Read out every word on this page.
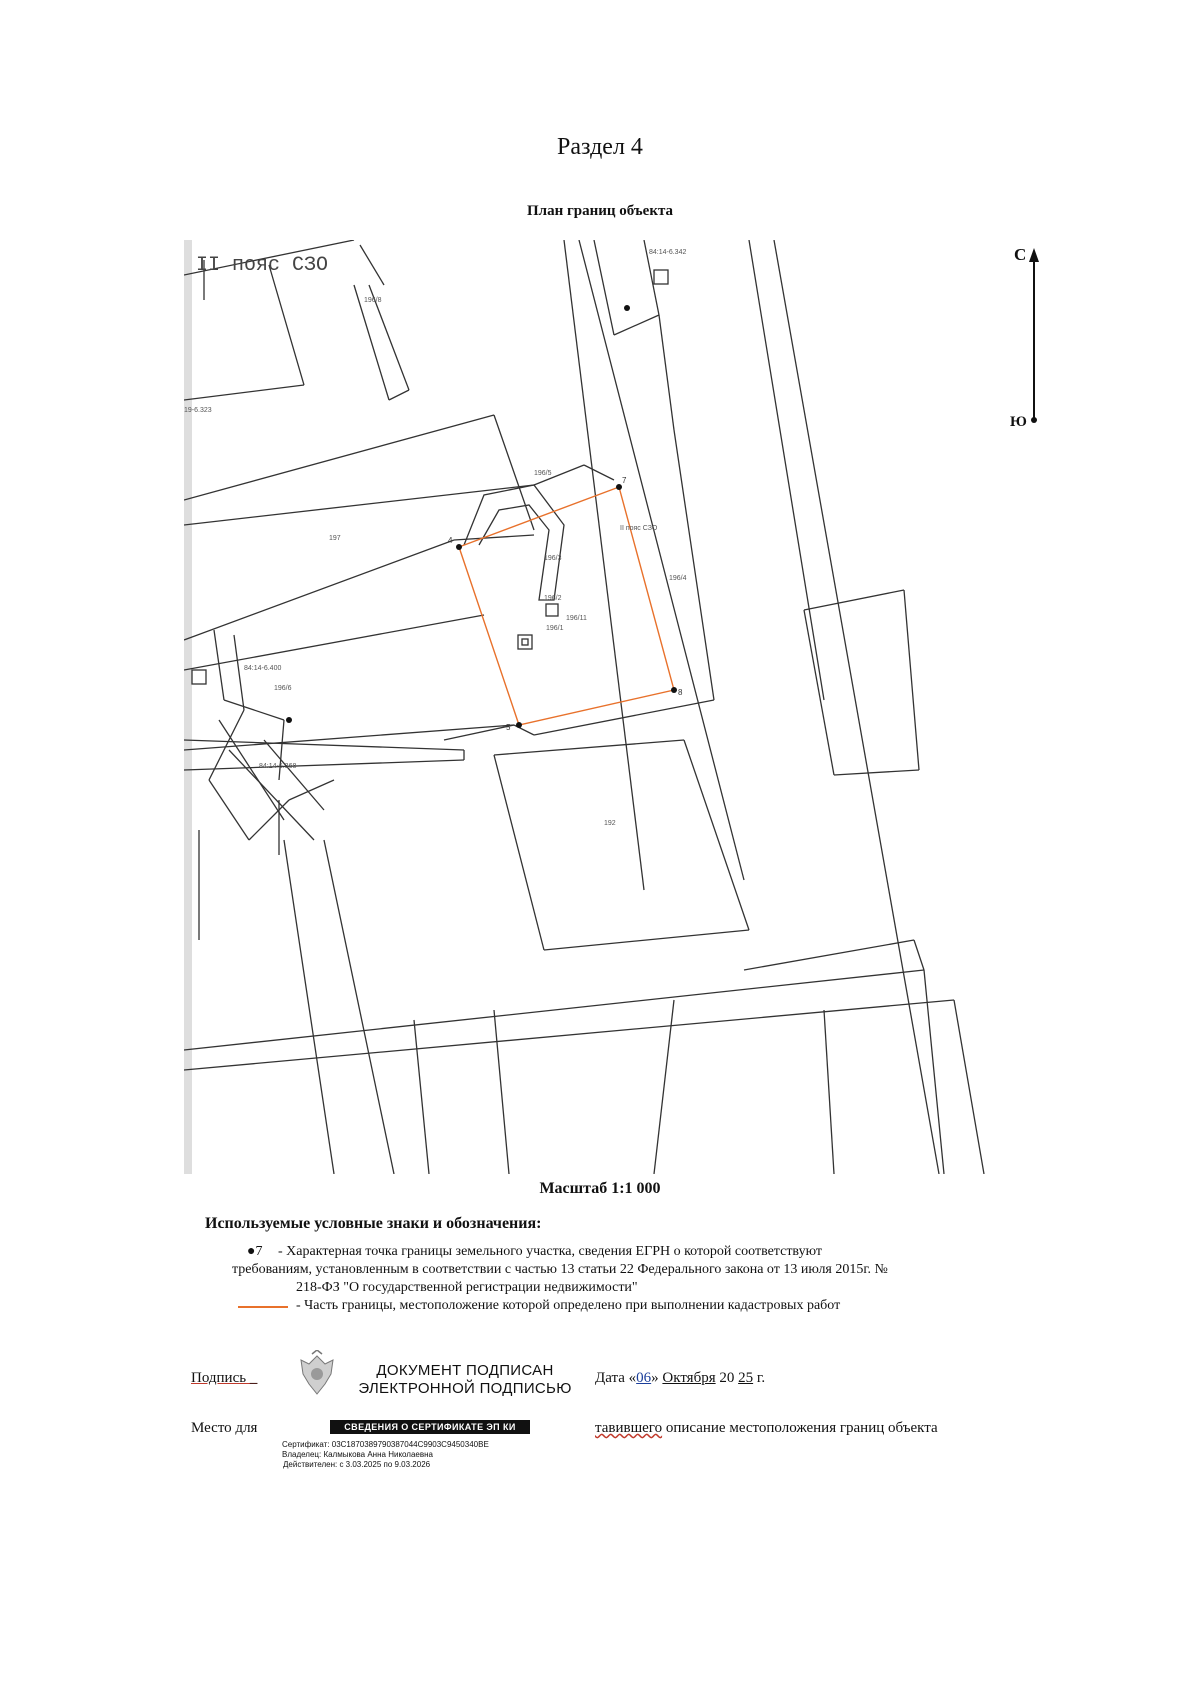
Раздел 4
План границ объекта
С
Ю
II пояс СЗО
196/8
196/5
197
19-6.323
196/3
196/2
196/1
196/6
196/4
192
II пояс СЗО
84:14-6.342
84:14-6.400
84:14-6.368
196/11
4
7
8
5
Масштаб 1:1 000
Используемые условные знаки и обозначения:
●7 - Характерная точка границы земельного участка, сведения ЕГРН о которой соответствуют
требованиям, установленным в соответствии с частью 13 статьи 22 Федерального закона от 13 июля 2015г. №
218-ФЗ "О государственной регистрации недвижимости"
- Часть границы, местоположение которой определено при выполнении кадастровых работ
Подпись _	ДОКУМЕНТ ПОДПИСАН
ЭЛЕКТРОННОЙ ПОДПИСЬЮ
Дата «06» Октября 20 25 г.
Место для	СВЕДЕНИЯ О СЕРТИФИКАТЕ ЭП КИ	тавившего описание местоположения границ объекта
Сертификат: 03C1870389790387044C9903C9450340BE
Владелец: Калмыкова Анна Николаевна
Действителен: с 3.03.2025 по 9.03.2026
